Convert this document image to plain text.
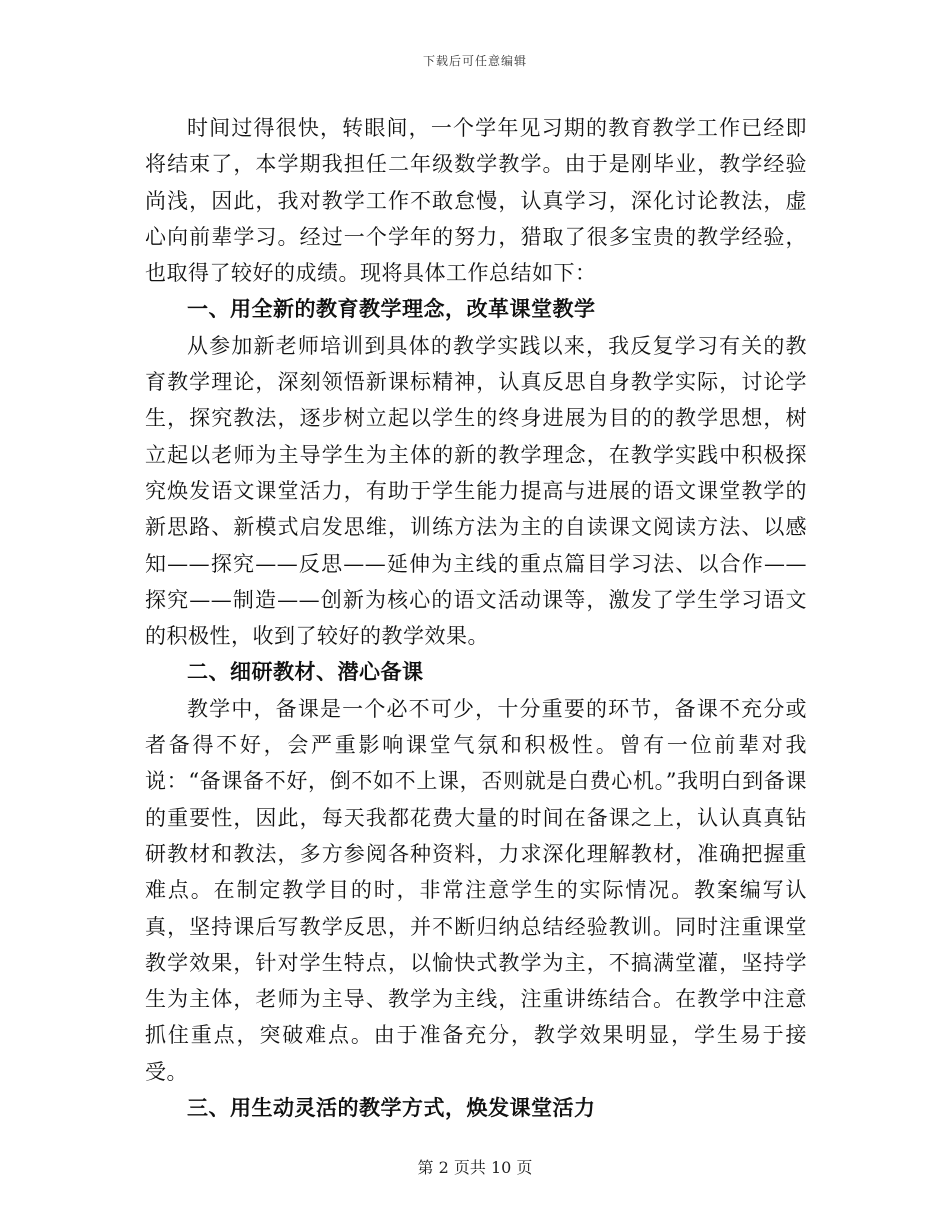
下载后可任意编辑

时间过得很快，转眼间，一个学年见习期的教育教学工作已经即将结束了，本学期我担任二年级数学教学。由于是刚毕业，教学经验尚浅，因此，我对教学工作不敢怠慢，认真学习，深化讨论教法，虚心向前辈学习。经过一个学年的努力，猎取了很多宝贵的教学经验，也取得了较好的成绩。现将具体工作总结如下：

一、用全新的教育教学理念，改革课堂教学

从参加新老师培训到具体的教学实践以来，我反复学习有关的教育教学理论，深刻领悟新课标精神，认真反思自身教学实际，讨论学生，探究教法，逐步树立起以学生的终身进展为目的的教学思想，树立起以老师为主导学生为主体的新的教学理念，在教学实践中积极探究焕发语文课堂活力，有助于学生能力提高与进展的语文课堂教学的新思路、新模式启发思维，训练方法为主的自读课文阅读方法、以感知——探究——反思——延伸为主线的重点篇目学习法、以合作——探究——制造——创新为核心的语文活动课等，激发了学生学习语文的积极性，收到了较好的教学效果。

二、细研教材、潜心备课

教学中，备课是一个必不可少，十分重要的环节，备课不充分或者备得不好，会严重影响课堂气氛和积极性。曾有一位前辈对我说：“备课备不好，倒不如不上课，否则就是白费心机。”我明白到备课的重要性，因此，每天我都花费大量的时间在备课之上，认认真真钻研教材和教法，多方参阅各种资料，力求深化理解教材，准确把握重难点。在制定教学目的时，非常注意学生的实际情况。教案编写认真，坚持课后写教学反思，并不断归纳总结经验教训。同时注重课堂教学效果，针对学生特点，以愉快式教学为主，不搞满堂灌，坚持学生为主体，老师为主导、教学为主线，注重讲练结合。在教学中注意抓住重点，突破难点。由于准备充分，教学效果明显，学生易于接受。

三、用生动灵活的教学方式，焕发课堂活力

第 2 页共 10 页
